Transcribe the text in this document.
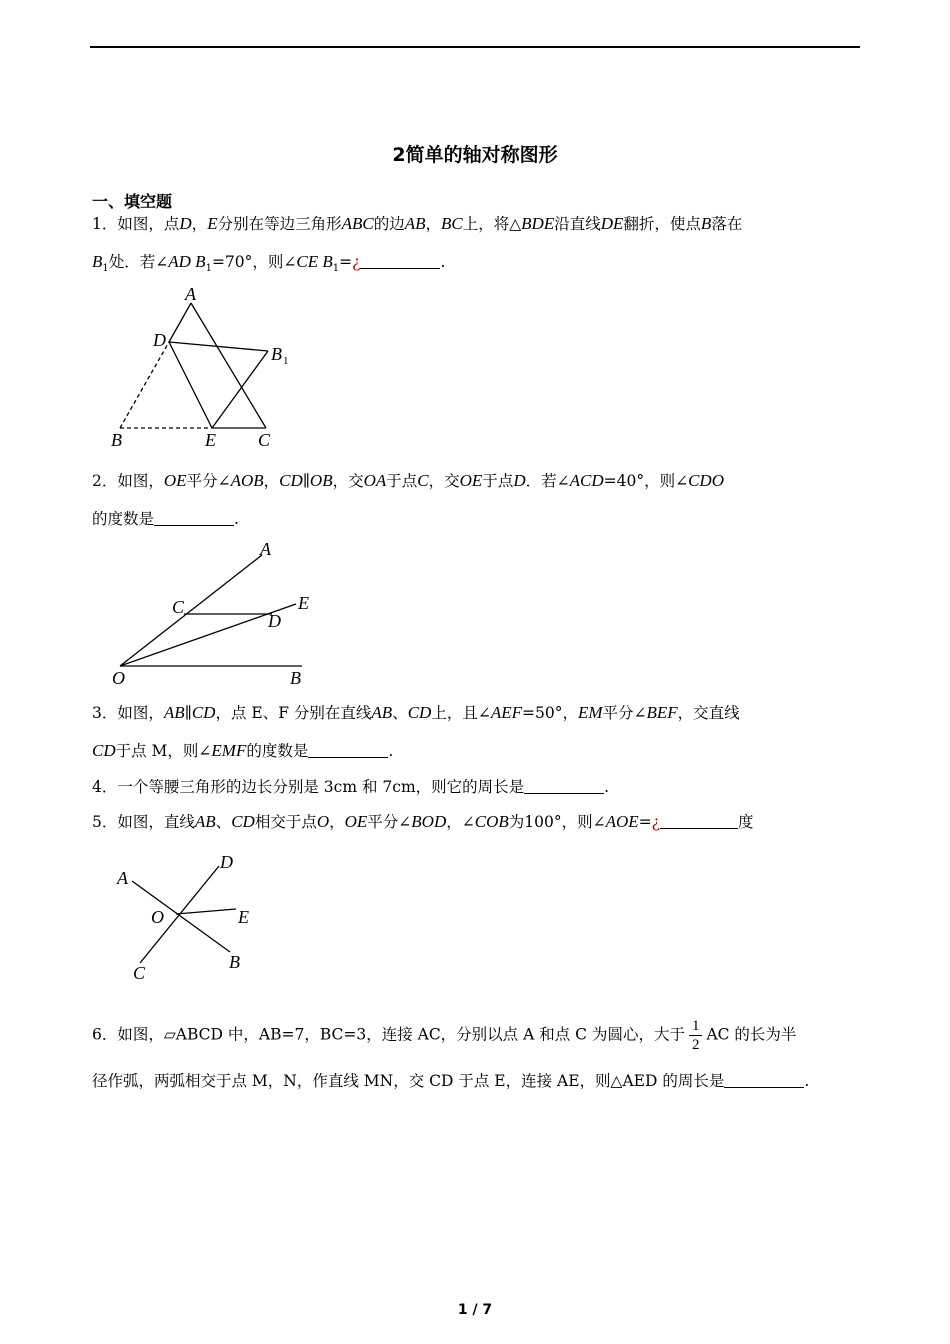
2简单的轴对称图形
一、填空题
1．如图，点D，E分别在等边三角形ABC的边AB，BC上，将△BDE沿直线DE翻折，使点B落在
$B_1$处．若∠AD $B_1=70^\circ$，则∠CE $B_1=¿$	.
A
D
B 1
B	E C
2．如图，OE平分∠AOB，CD∥OB，交OA于点C，交OE于点D．若∠ACD=40°，则∠CDO
的度数是	.
A
C	E
D
O	B
3．如图，AB∥CD，点 E、F 分别在直线AB、CD上，且∠AEF=50°，EM平分∠BEF，交直线
CD于点 M，则∠EMF的度数是	.
4．一个等腰三角形的边长分别是 3cm 和 7cm，则它的周长是	.
5．如图，直线AB、CD相交于点O，OE平分∠BOD，∠COB为100°，则∠AOE=¿	度
A
D
O	E
C
B
6．如图，▱ABCD 中，AB=7，BC=3，连接 AC，分别以点 A 和点 C 为圆心，大于 $\frac{1}{2}$ AC 的长为半
径作弧，两弧相交于点 M，N，作直线 MN，交 CD 于点 E，连接 AE，则△AED 的周长是	.
1 / 7
